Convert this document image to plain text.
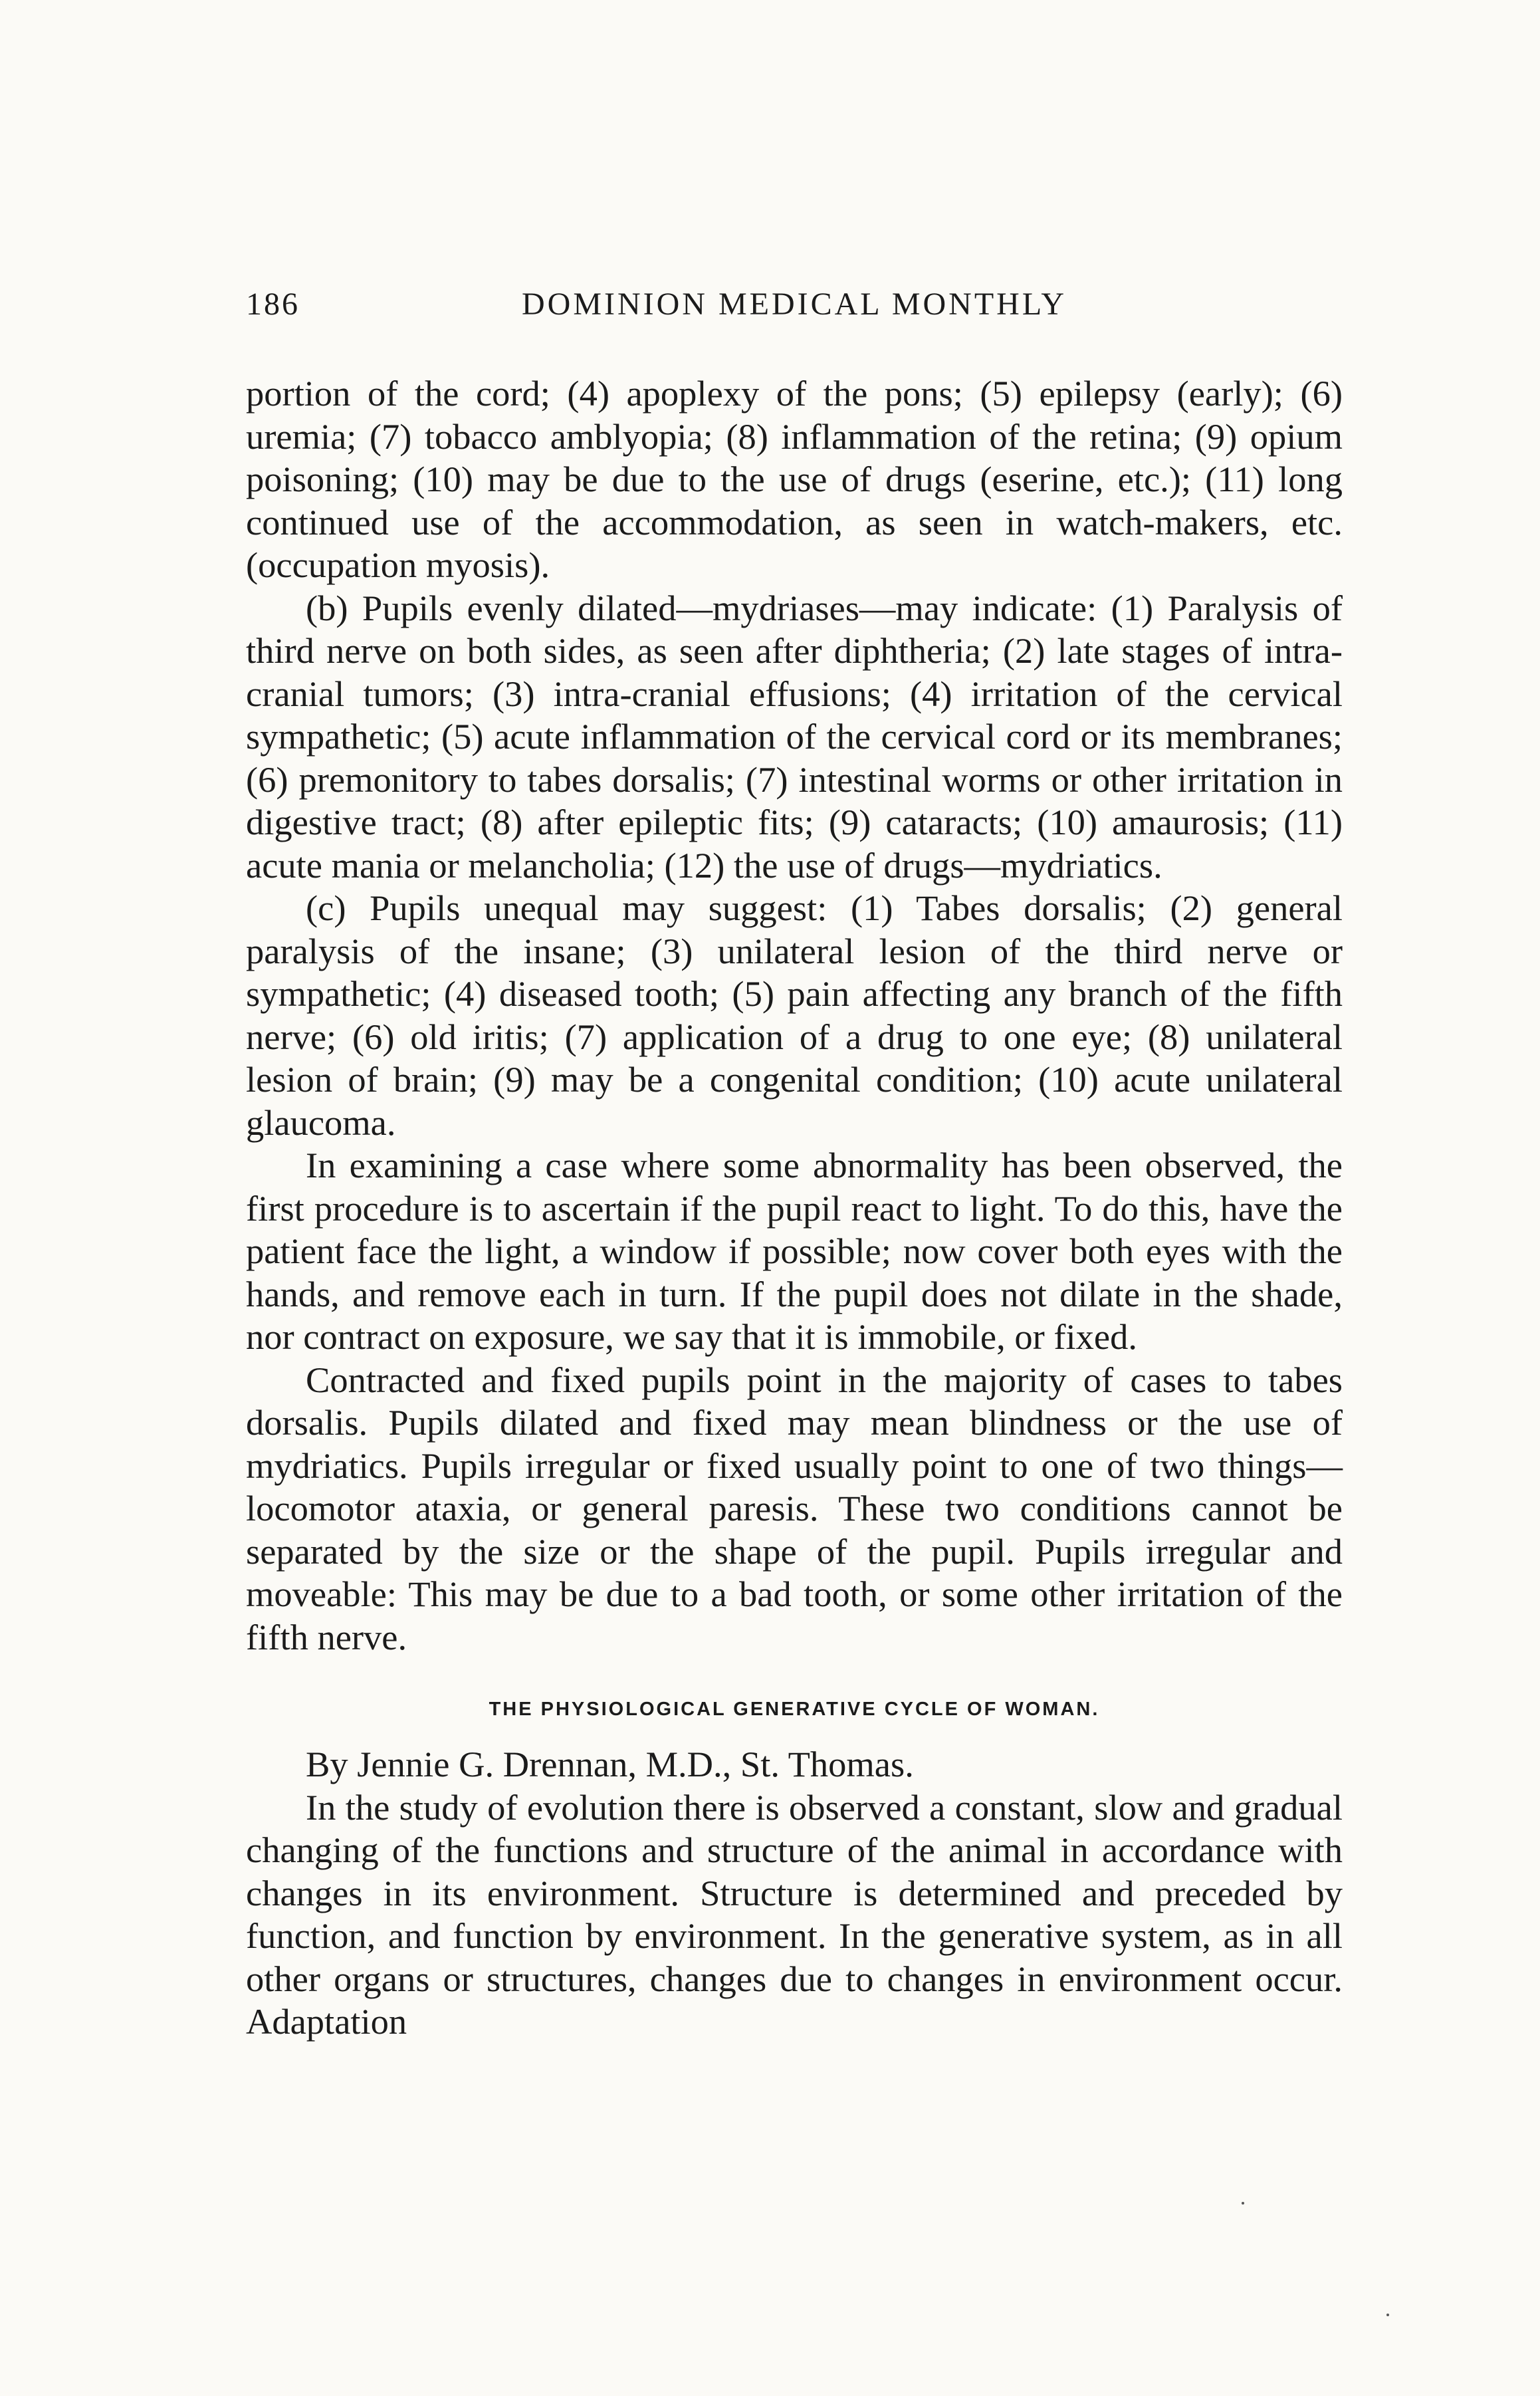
186	DOMINION MEDICAL MONTHLY

portion of the cord; (4) apoplexy of the pons; (5) epilepsy (early); (6) uremia; (7) tobacco amblyopia; (8) inflammation of the retina; (9) opium poisoning; (10) may be due to the use of drugs (eserine, etc.); (11) long continued use of the accommodation, as seen in watch-makers, etc. (occupation myosis).

(b) Pupils evenly dilated—mydriases—may indicate: (1) Paralysis of third nerve on both sides, as seen after diphtheria; (2) late stages of intra-cranial tumors; (3) intra-cranial effusions; (4) irritation of the cervical sympathetic; (5) acute inflammation of the cervical cord or its membranes; (6) premonitory to tabes dorsalis; (7) intestinal worms or other irritation in digestive tract; (8) after epileptic fits; (9) cataracts; (10) amaurosis; (11) acute mania or melancholia; (12) the use of drugs—mydriatics.

(c) Pupils unequal may suggest: (1) Tabes dorsalis; (2) general paralysis of the insane; (3) unilateral lesion of the third nerve or sympathetic; (4) diseased tooth; (5) pain affecting any branch of the fifth nerve; (6) old iritis; (7) application of a drug to one eye; (8) unilateral lesion of brain; (9) may be a congenital condition; (10) acute unilateral glaucoma.

In examining a case where some abnormality has been observed, the first procedure is to ascertain if the pupil react to light. To do this, have the patient face the light, a window if possible; now cover both eyes with the hands, and remove each in turn. If the pupil does not dilate in the shade, nor contract on exposure, we say that it is immobile, or fixed.

Contracted and fixed pupils point in the majority of cases to tabes dorsalis. Pupils dilated and fixed may mean blindness or the use of mydriatics. Pupils irregular or fixed usually point to one of two things—locomotor ataxia, or general paresis. These two conditions cannot be separated by the size or the shape of the pupil. Pupils irregular and moveable: This may be due to a bad tooth, or some other irritation of the fifth nerve.

THE PHYSIOLOGICAL GENERATIVE CYCLE OF WOMAN.

By Jennie G. Drennan, M.D., St. Thomas.

In the study of evolution there is observed a constant, slow and gradual changing of the functions and structure of the animal in accordance with changes in its environment. Structure is determined and preceded by function, and function by environment. In the generative system, as in all other organs or structures, changes due to changes in environment occur. Adaptation
